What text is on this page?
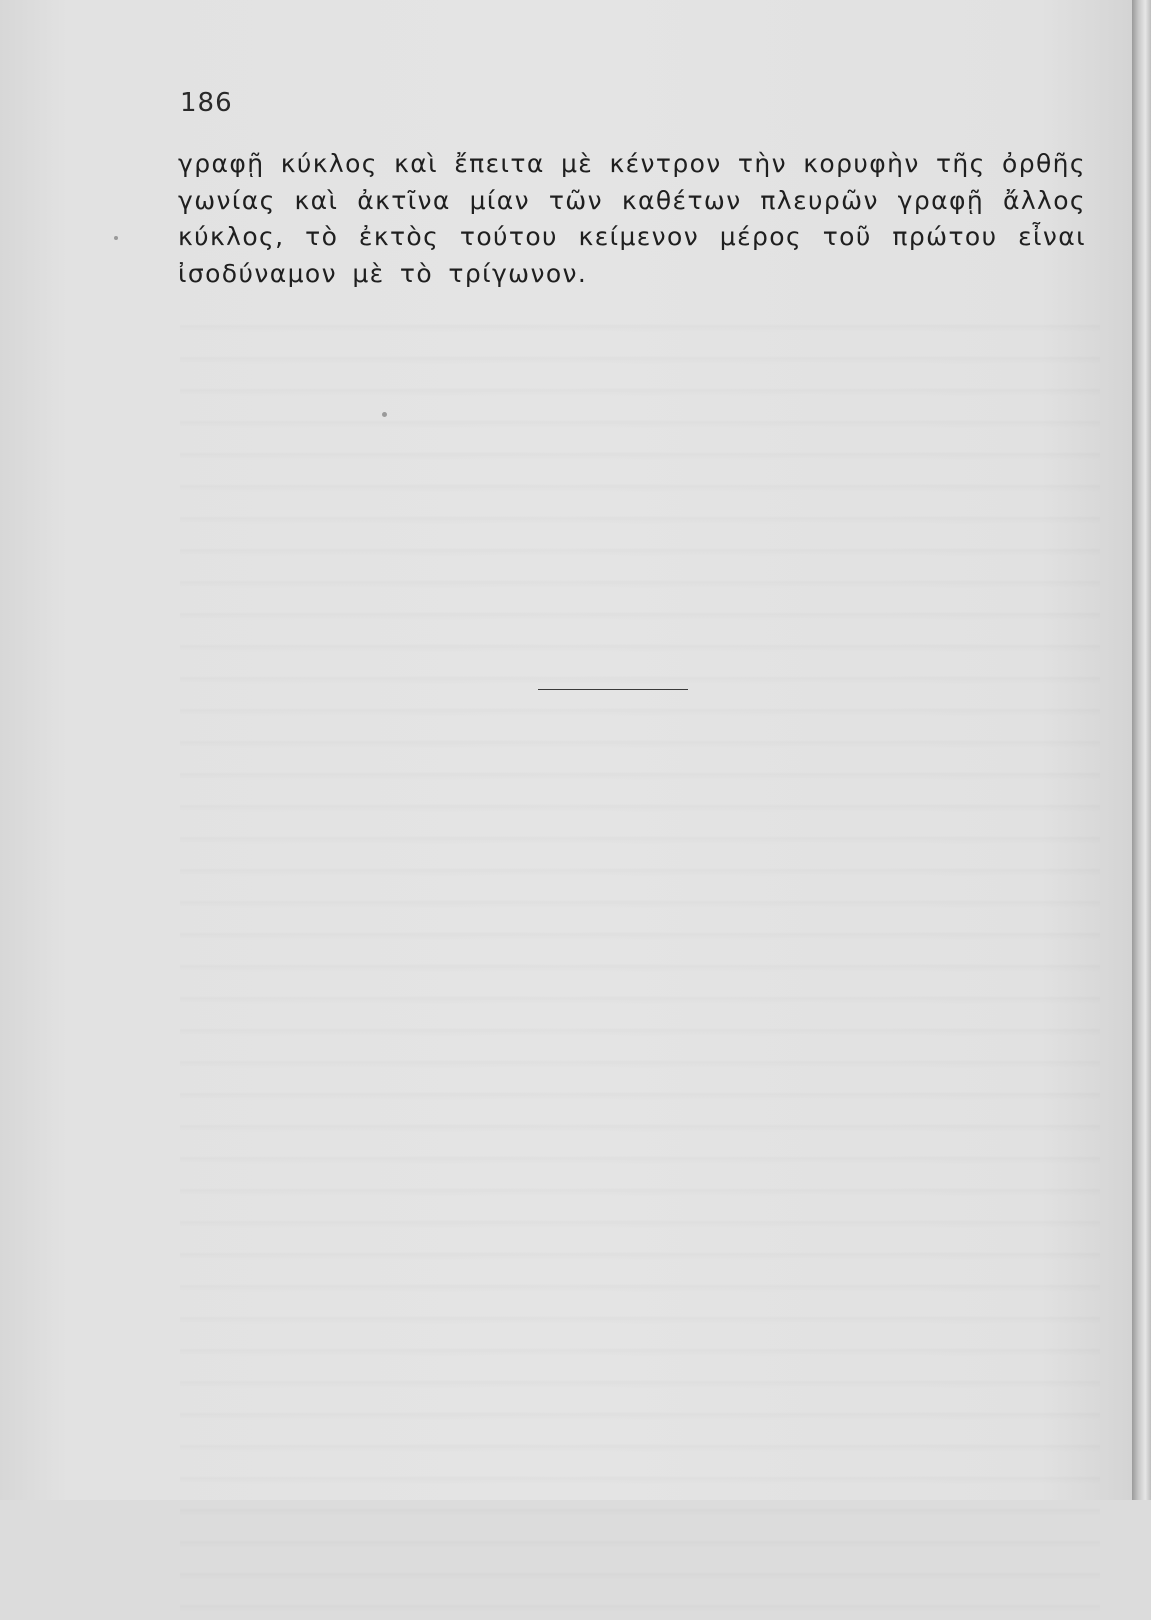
186

γραφῇ κύκλος καὶ ἔπειτα μὲ κέντρον τὴν κορυφὴν τῆς ὀρθῆς γωνίας καὶ ἀκτῖνα μίαν τῶν καθέτων πλευρῶν γραφῇ ἄλλος κύκλος, τὸ ἐκτὸς τούτου κείμενον μέρος τοῦ πρώτου εἶναι ἰσοδύναμον μὲ τὸ τρίγωνον.
